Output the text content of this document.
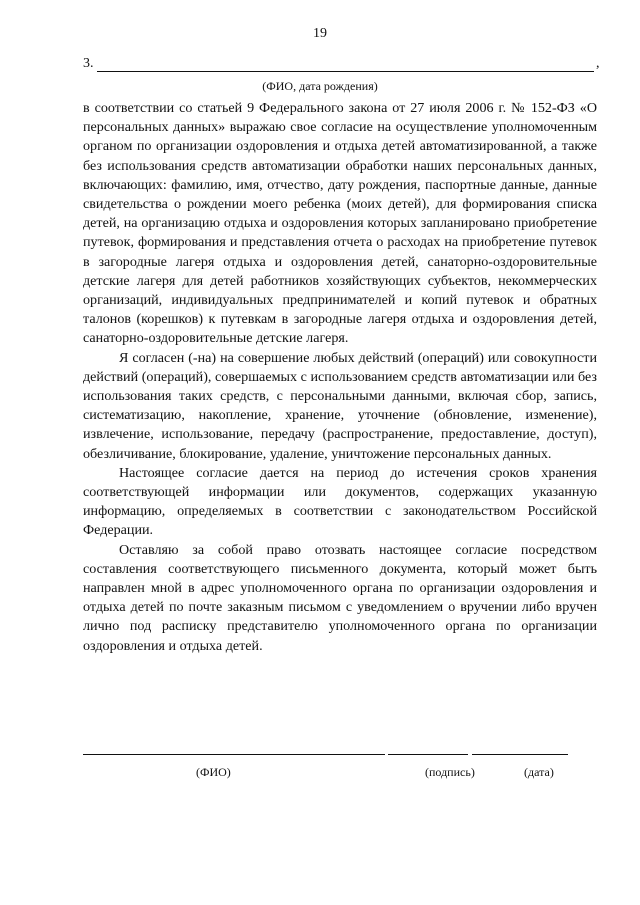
19
3.	,
(ФИО, дата рождения)

в соответствии со статьей 9 Федерального закона от 27 июля 2006 г. № 152-ФЗ «О персональных данных» выражаю свое согласие на осуществление уполномоченным органом по организации оздоровления и отдыха детей автоматизированной, а также без использования средств автоматизации обработки наших персональных данных, включающих: фамилию, имя, отчество, дату рождения, паспортные данные, данные свидетельства о рождении моего ребенка (моих детей), для формирования списка детей, на организацию отдыха и оздоровления которых запланировано приобретение путевок, формирования и представления отчета о расходах на приобретение путевок в загородные лагеря отдыха и оздоровления детей, санаторно-оздоровительные детские лагеря для детей работников хозяйствующих субъектов, некоммерческих организаций, индивидуальных предпринимателей и копий путевок и обратных талонов (корешков) к путевкам в загородные лагеря отдыха и оздоровления детей, санаторно-оздоровительные детские лагеря.

Я согласен (-на) на совершение любых действий (операций) или совокупности действий (операций), совершаемых с использованием средств автоматизации или без использования таких средств, с персональными данными, включая сбор, запись, систематизацию, накопление, хранение, уточнение (обновление, изменение), извлечение, использование, передачу (распространение, предоставление, доступ), обезличивание, блокирование, удаление, уничтожение персональных данных.

Настоящее согласие дается на период до истечения сроков хранения соответствующей информации или документов, содержащих указанную информацию, определяемых в соответствии с законодательством Российской Федерации.

Оставляю за собой право отозвать настоящее согласие посредством составления соответствующего письменного документа, который может быть направлен мной в адрес уполномоченного органа по организации оздоровления и отдыха детей по почте заказным письмом с уведомлением о вручении либо вручен лично под расписку представителю уполномоченного органа по организации оздоровления и отдыха детей.

(ФИО)	(подпись)	(дата)
